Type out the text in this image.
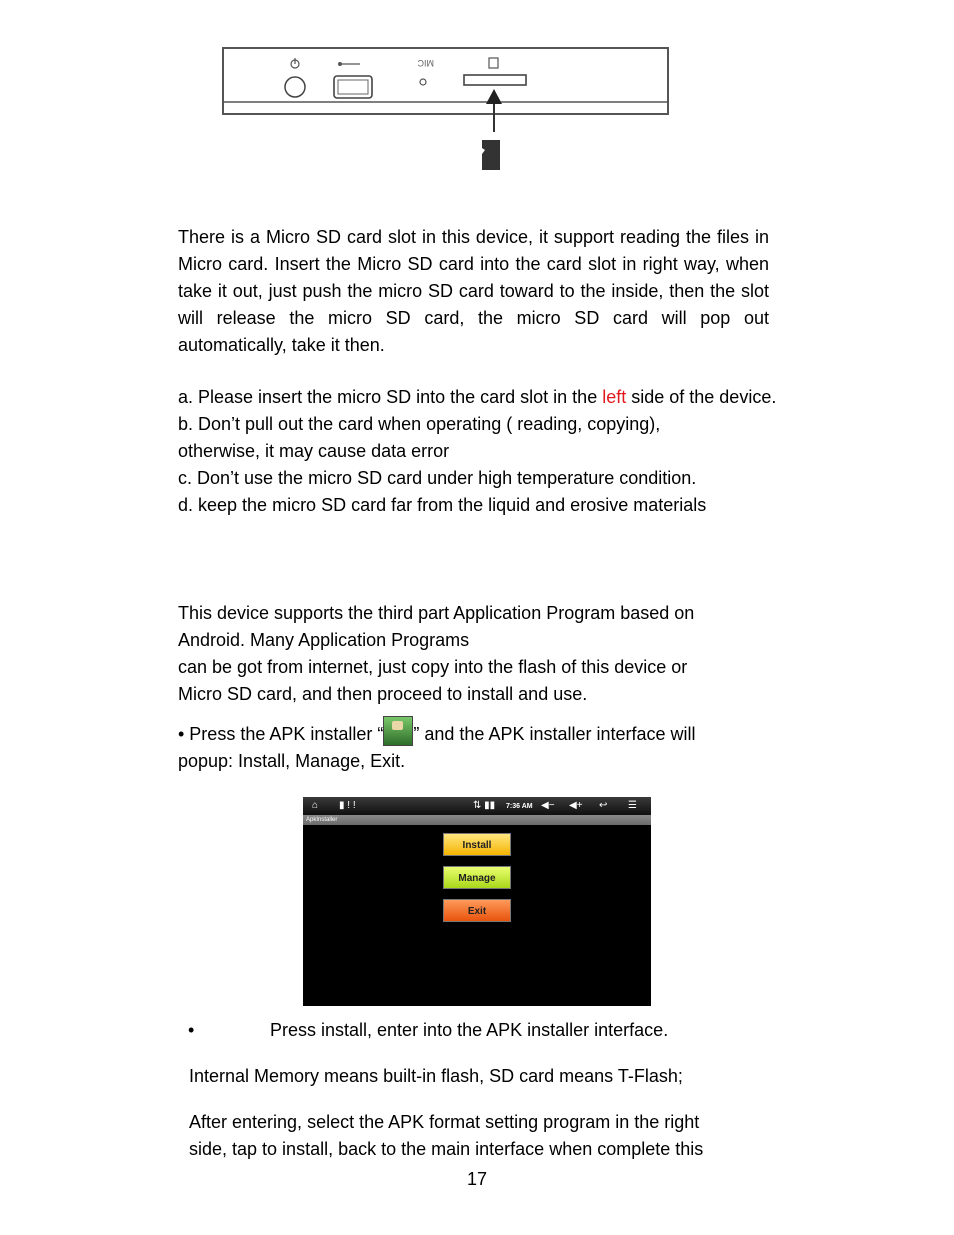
MIC

There is a Micro SD card slot in this device, it support reading the files in Micro card. Insert the Micro SD card into the card slot in right way, when take it out, just push the micro SD card toward to the inside, then the slot will release the micro SD card, the micro SD card will pop out automatically, take it then.

a. Please insert the micro SD into the card slot in the left side of the device.

b. Don’t pull out the card when operating ( reading, copying), otherwise, it may cause data error

c. Don’t use the micro SD card under high temperature condition.

d. keep the micro SD card far from the liquid and erosive materials

This device supports the third part Application Program based on

Android. Many Application Programs

can be got from internet, just copy into the flash of this device or

Micro SD card, and then proceed to install and use.

• Press the APK installer “ ” and the APK installer interface will

popup: Install, Manage, Exit.

⌂ ▮ ! !	⇅ ▮▮ 7:36 AM ◀− ◀+ ↩ ☰
ApkInstaller
Install
Manage
Exit
•	Press install, enter into the APK installer interface.
Internal Memory means built-in flash, SD card means T-Flash;
After entering, select the APK format setting program in the right
side, tap to install, back to the main interface when complete this
17
